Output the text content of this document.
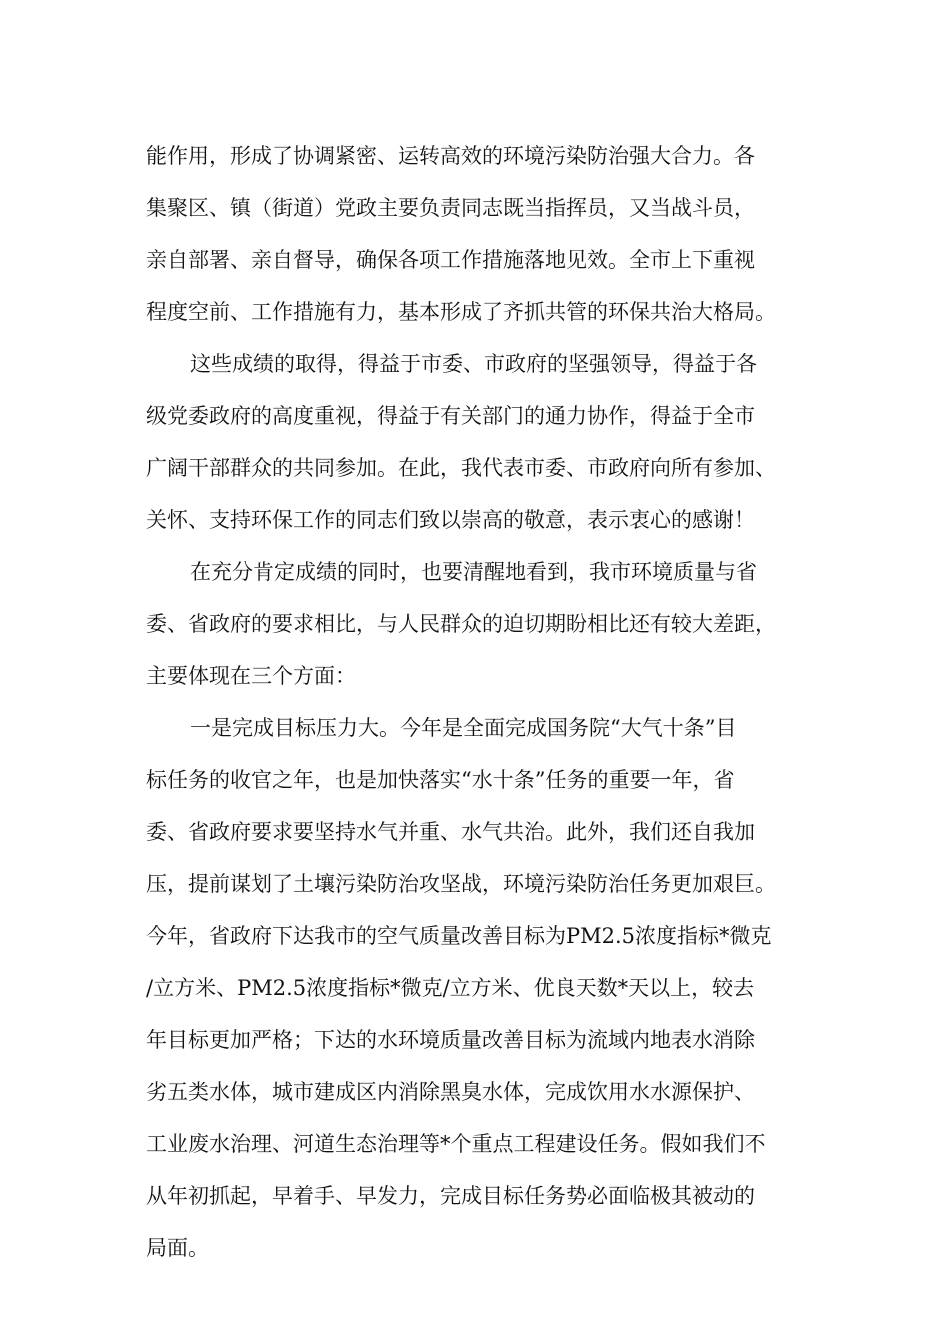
能作用，形成了协调紧密、运转高效的环境污染防治强大合力。各
集聚区、镇（街道）党政主要负责同志既当指挥员，又当战斗员，
亲自部署、亲自督导，确保各项工作措施落地见效。全市上下重视
程度空前、工作措施有力，基本形成了齐抓共管的环保共治大格局。
这些成绩的取得，得益于市委、市政府的坚强领导，得益于各
级党委政府的高度重视，得益于有关部门的通力协作，得益于全市
广阔干部群众的共同参加。在此，我代表市委、市政府向所有参加、
关怀、支持环保工作的同志们致以崇高的敬意，表示衷心的感谢！
在充分肯定成绩的同时，也要清醒地看到，我市环境质量与省
委、省政府的要求相比，与人民群众的迫切期盼相比还有较大差距，
主要体现在三个方面：
一是完成目标压力大。今年是全面完成国务院“大气十条”目
标任务的收官之年，也是加快落实“水十条”任务的重要一年，省
委、省政府要求要坚持水气并重、水气共治。此外，我们还自我加
压，提前谋划了土壤污染防治攻坚战，环境污染防治任务更加艰巨。
今年，省政府下达我市的空气质量改善目标为PM2.5浓度指标*微克
/立方米、PM2.5浓度指标*微克/立方米、优良天数*天以上，较去
年目标更加严格；下达的水环境质量改善目标为流域内地表水消除
劣五类水体，城市建成区内消除黑臭水体，完成饮用水水源保护、
工业废水治理、河道生态治理等*个重点工程建设任务。假如我们不
从年初抓起，早着手、早发力，完成目标任务势必面临极其被动的
局面。
